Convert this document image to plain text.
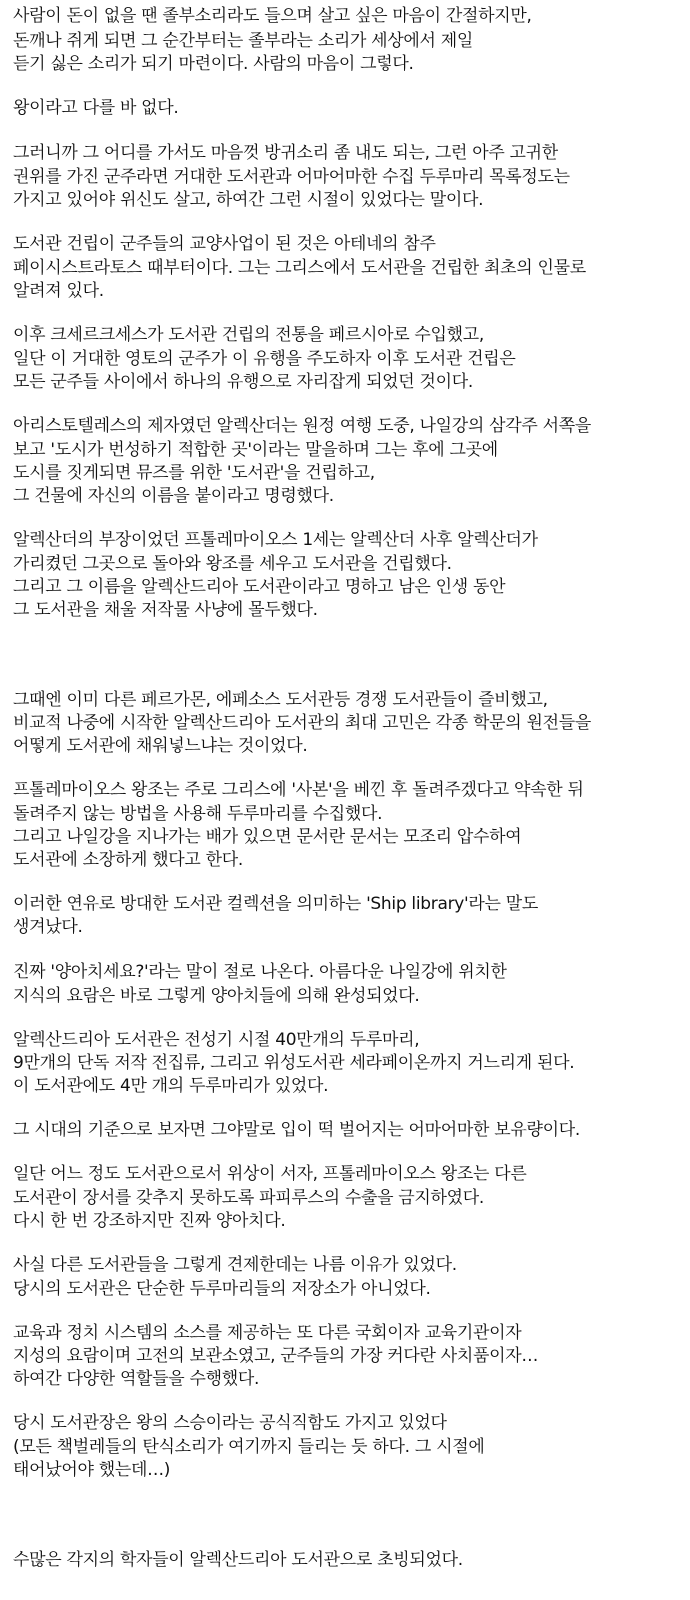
사람이 돈이 없을 땐 졸부소리라도 들으며 살고 싶은 마음이 간절하지만,
돈깨나 쥐게 되면 그 순간부터는 졸부라는 소리가 세상에서 제일
듣기 싫은 소리가 되기 마련이다. 사람의 마음이 그렇다.
왕이라고 다를 바 없다.
그러니까 그 어디를 가서도 마음껏 방귀소리 좀 내도 되는, 그런 아주 고귀한
권위를 가진 군주라면 거대한 도서관과 어마어마한 수집 두루마리 목록정도는
가지고 있어야 위신도 살고, 하여간 그런 시절이 있었다는 말이다.
도서관 건립이 군주들의 교양사업이 된 것은 아테네의 참주
페이시스트라토스 때부터이다. 그는 그리스에서 도서관을 건립한 최초의 인물로
알려져 있다.
이후 크세르크세스가 도서관 건립의 전통을 페르시아로 수입했고,
일단 이 거대한 영토의 군주가 이 유행을 주도하자 이후 도서관 건립은
모든 군주들 사이에서 하나의 유행으로 자리잡게 되었던 것이다.
아리스토텔레스의 제자였던 알렉산더는 원정 여행 도중, 나일강의 삼각주 서쪽을
보고 '도시가 번성하기 적합한 곳'이라는 말을하며 그는 후에 그곳에
도시를 짓게되면 뮤즈를 위한 '도서관'을 건립하고,
그 건물에 자신의 이름을 붙이라고 명령했다.
알렉산더의 부장이었던 프톨레마이오스 1세는 알렉산더 사후 알렉산더가
가리켰던 그곳으로 돌아와 왕조를 세우고 도서관을 건립했다.
그리고 그 이름을 알렉산드리아 도서관이라고 명하고 남은 인생 동안
그 도서관을 채울 저작물 사냥에 몰두했다.
그때엔 이미 다른 페르가몬, 에페소스 도서관등 경쟁 도서관들이 즐비했고,
비교적 나중에 시작한 알렉산드리아 도서관의 최대 고민은 각종 학문의 원전들을
어떻게 도서관에 채워넣느냐는 것이었다.
프톨레마이오스 왕조는 주로 그리스에 '사본'을 베낀 후 돌려주겠다고 약속한 뒤
돌려주지 않는 방법을 사용해 두루마리를 수집했다.
그리고 나일강을 지나가는 배가 있으면 문서란 문서는 모조리 압수하여
도서관에 소장하게 했다고 한다.
이러한 연유로 방대한 도서관 컬렉션을 의미하는 'Ship library'라는 말도
생겨났다.
진짜 '양아치세요?'라는 말이 절로 나온다. 아름다운 나일강에 위치한
지식의 요람은 바로 그렇게 양아치들에 의해 완성되었다.
알렉산드리아 도서관은 전성기 시절 40만개의 두루마리,
9만개의 단독 저작 전집류, 그리고 위성도서관 세라페이온까지 거느리게 된다.
이 도서관에도 4만 개의 두루마리가 있었다.
그 시대의 기준으로 보자면 그야말로 입이 떡 벌어지는 어마어마한 보유량이다.
일단 어느 정도 도서관으로서 위상이 서자, 프톨레마이오스 왕조는 다른
도서관이 장서를 갖추지 못하도록 파피루스의 수출을 금지하였다.
다시 한 번 강조하지만 진짜 양아치다.
사실 다른 도서관들을 그렇게 견제한데는 나름 이유가 있었다.
당시의 도서관은 단순한 두루마리들의 저장소가 아니었다.
교육과 정치 시스템의 소스를 제공하는 또 다른 국회이자 교육기관이자
지성의 요람이며 고전의 보관소였고, 군주들의 가장 커다란 사치품이자…
하여간 다양한 역할들을 수행했다.
당시 도서관장은 왕의 스승이라는 공식직함도 가지고 있었다
(모든 책벌레들의 탄식소리가 여기까지 들리는 듯 하다. 그 시절에
태어났어야 했는데…)
수많은 각지의 학자들이 알렉산드리아 도서관으로 초빙되었다.
